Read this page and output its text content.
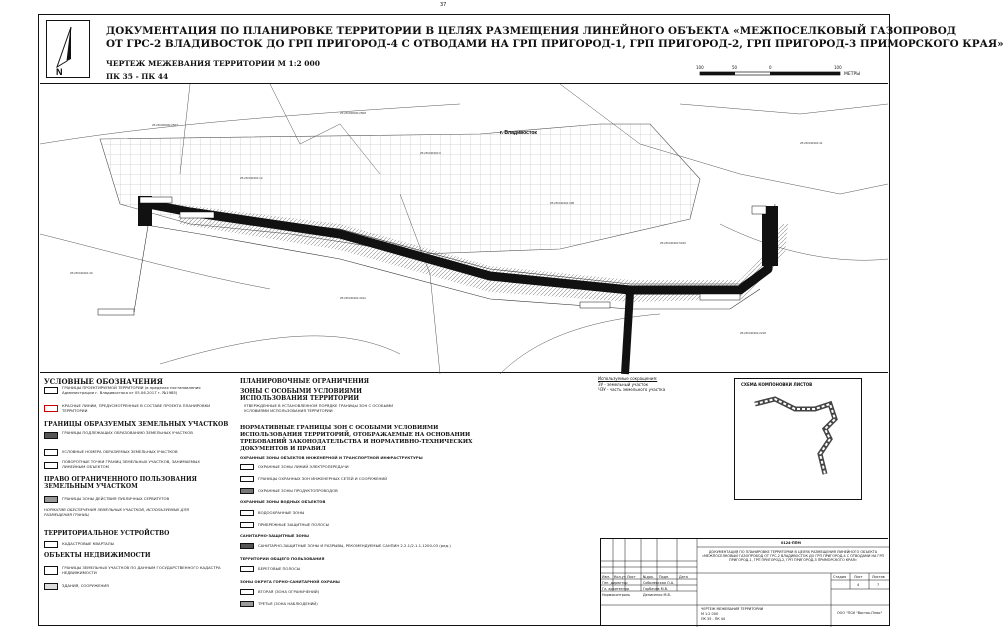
37
N
ДОКУМЕНТАЦИЯ ПО ПЛАНИРОВКЕ ТЕРРИТОРИИ В ЦЕЛЯХ РАЗМЕЩЕНИЯ ЛИНЕЙНОГО ОБЪЕКТА «МЕЖПОСЕЛКОВЫЙ ГАЗОПРОВОД
ОТ ГРС-2 ВЛАДИВОСТОК ДО ГРП ПРИГОРОД-4 С ОТВОДАМИ НА ГРП ПРИГОРОД-1, ГРП ПРИГОРОД-2, ГРП ПРИГОРОД-3 ПРИМОРСКОГО КРАЯ»
ЧЕРТЕЖ МЕЖЕВАНИЯ ТЕРРИТОРИИ М 1:2 000
ПК 35 - ПК 44
100	50	0	100
МЕТРЫ
г. Владивосток
25:28:000000:2507
25:28:000000:2508
25:28:040301:9
25:28:040301:12
25:28:040301:305
25:28:040301:5166
25:28:040301:4012
25:28:040301:2218
25:28:040301:40
25:28:040301:41
УСЛОВНЫЕ ОБОЗНАЧЕНИЯ
ГРАНИЦЫ ПРОЕКТИРУЕМОЙ ТЕРРИТОРИИ (в пределах постановления Администрации г. Владивостока от 05.06.2017 г. №1985)
КРАСНЫЕ ЛИНИИ, ПРЕДУСМОТРЕННЫЕ В СОСТАВЕ ПРОЕКТА ПЛАНИРОВКИ ТЕРРИТОРИИ
ГРАНИЦЫ ОБРАЗУЕМЫХ ЗЕМЕЛЬНЫХ УЧАСТКОВ
ГРАНИЦЫ ПОДЛЕЖАЩИХ ОБРАЗОВАНИЮ ЗЕМЕЛЬНЫХ УЧАСТКОВ
УСЛОВНЫЕ НОМЕРА ОБРАЗУЕМЫХ ЗЕМЕЛЬНЫХ УЧАСТКОВ
ПОВОРОТНЫЕ ТОЧКИ ГРАНИЦ ЗЕМЕЛЬНЫХ УЧАСТКОВ, ЗАНИМАЕМЫХ ЛИНЕЙНЫМ ОБЪЕКТОМ
ПРАВО ОГРАНИЧЕННОГО ПОЛЬЗОВАНИЯ ЗЕМЕЛЬНЫМ УЧАСТКОМ
ГРАНИЦЫ ЗОНЫ ДЕЙСТВИЯ ПУБЛИЧНЫХ СЕРВИТУТОВ
НОРМАТИВ ОБЕСПЕЧЕНИЯ ЗЕМЕЛЬНЫХ УЧАСТКОВ, ИСПОЛЬЗУЕМЫХ ДЛЯ РАЗМЕЩЕНИЯ ГРАНИЦ
ТЕРРИТОРИАЛЬНОЕ УСТРОЙСТВО
КАДАСТРОВЫЕ КВАРТАЛЫ
ОБЪЕКТЫ НЕДВИЖИМОСТИ
ГРАНИЦЫ ЗЕМЕЛЬНЫХ УЧАСТКОВ ПО ДАННЫМ ГОСУДАРСТВЕННОГО КАДАСТРА НЕДВИЖИМОСТИ
ЗДАНИЯ, СООРУЖЕНИЯ
ПЛАНИРОВОЧНЫЕ ОГРАНИЧЕНИЯ
ЗОНЫ С ОСОБЫМИ УСЛОВИЯМИ ИСПОЛЬЗОВАНИЯ ТЕРРИТОРИИ
УТВЕРЖДЕННЫЕ В УСТАНОВЛЕННОМ ПОРЯДКЕ ГРАНИЦЫ ЗОН С ОСОБЫМИ УСЛОВИЯМИ ИСПОЛЬЗОВАНИЯ ТЕРРИТОРИИ
НОРМАТИВНЫЕ ГРАНИЦЫ ЗОН С ОСОБЫМИ УСЛОВИЯМИ ИСПОЛЬЗОВАНИЯ ТЕРРИТОРИЙ, ОТОБРАЖАЕМЫЕ НА ОСНОВАНИИ ТРЕБОВАНИЙ ЗАКОНОДАТЕЛЬСТВА И НОРМАТИВНО-ТЕХНИЧЕСКИХ ДОКУМЕНТОВ И ПРАВИЛ
ОХРАННЫЕ ЗОНЫ ОБЪЕКТОВ ИНЖЕНЕРНОЙ И ТРАНСПОРТНОЙ ИНФРАСТРУКТУРЫ
ОХРАННЫЕ ЗОНЫ ЛИНИЙ ЭЛЕКТРОПЕРЕДАЧИ
ГРАНИЦЫ ОХРАННЫХ ЗОН ИНЖЕНЕРНЫХ СЕТЕЙ И СООРУЖЕНИЙ
ОХРАННЫЕ ЗОНЫ ПРОДУКТОПРОВОДОВ
ОХРАННЫЕ ЗОНЫ ВОДНЫХ ОБЪЕКТОВ
ВОДООХРАННЫЕ ЗОНЫ
ПРИБРЕЖНЫЕ ЗАЩИТНЫЕ ПОЛОСЫ
САНИТАРНО-ЗАЩИТНЫЕ ЗОНЫ
САНИТАРНО-ЗАЩИТНЫЕ ЗОНЫ И РАЗРЫВЫ, РЕКОМЕНДУЕМЫЕ САНПИН 2.2.1/2.1.1.1200-03 (ред.)
ТЕРРИТОРИИ ОБЩЕГО ПОЛЬЗОВАНИЯ
БЕРЕГОВЫЕ ПОЛОСЫ
ЗОНЫ ОКРУГА ГОРНО-САНИТАРНОЙ ОХРАНЫ
ВТОРАЯ (ЗОНА ОГРАНИЧЕНИЙ)
ТРЕТЬЯ (ЗОНА НАБЛЮДЕНИЙ)
Используемые сокращения:
ЗУ - земельный участок
ЧЗУ - часть земельного участка
СХЕМА КОМПОНОВКИ ЛИСТОВ
0124-ППМ
ДОКУМЕНТАЦИЯ ПО ПЛАНИРОВКЕ ТЕРРИТОРИИ В ЦЕЛЯХ РАЗМЕЩЕНИЯ ЛИНЕЙНОГО ОБЪЕКТА «МЕЖПОСЕЛКОВЫЙ ГАЗОПРОВОД ОТ ГРС-2 ВЛАДИВОСТОК ДО ГРП ПРИГОРОД-4 С ОТВОДАМИ НА ГРП ПРИГОРОД-1, ГРП ПРИГОРОД-2, ГРП ПРИГОРОД-3 ПРИМОРСКОГО КРАЯ»
Изм. Кол.уч Лист №док. Подп.	Дата
Ген. директор	Соболевская О.А.
Гл. архитектор	Горбачев М.В.
Нормоконтроль	Денисенко М.В.
Стадия Лист	Листов
4	7
ЧЕРТЕЖ МЕЖЕВАНИЯ ТЕРРИТОРИИ
М 1:2 000
ПК 35 - ПК 44
ООО "ПСИ "Восток-Плюс"
